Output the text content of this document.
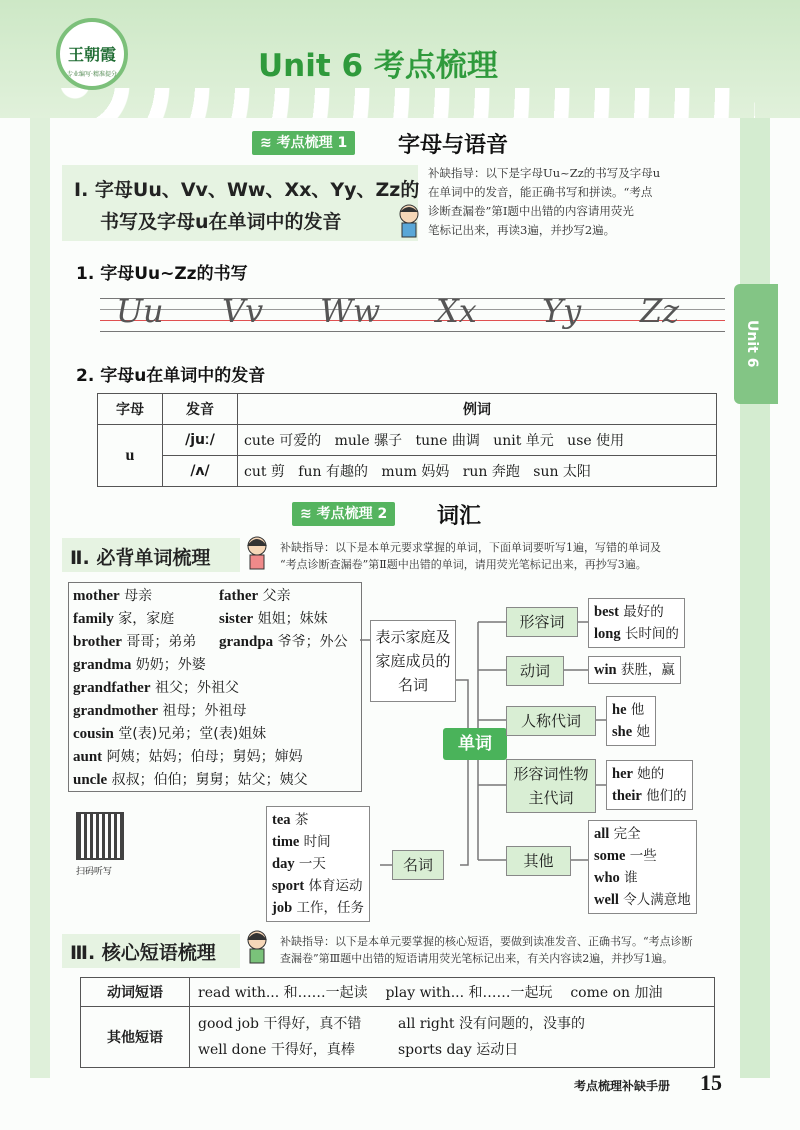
王朝霞
专业编写·精准提分	Unit 6 考点梳理
Unit 6
≋ 考点梳理 1	字母与语音
Ⅰ. 字母Uu、Vv、Ww、Xx、Yy、Zz的
书写及字母u在单词中的发音
补缺指导：以下是字母Uu~Zz的书写及字母u
在单词中的发音，能正确书写和拼读。“考点
诊断查漏卷”第Ⅰ题中出错的内容请用荧光
笔标记出来，再读3遍，并抄写2遍。
1. 字母Uu~Zz的书写
Uu Vv Ww Xx Yy Zz
2. 字母u在单词中的发音
字母	发音	例词
u	/juː/	cute 可爱的 mule 骡子 tune 曲调 unit 单元 use 使用
	/ʌ/	cut 剪 fun 有趣的 mum 妈妈 run 奔跑 sun 太阳
≋ 考点梳理 2	词汇
Ⅱ. 必背单词梳理	补缺指导：以下是本单元要求掌握的单词，下面单词要听写1遍，写错的单词及
“考点诊断查漏卷”第Ⅱ题中出错的单词，请用荧光笔标记出来，再抄写3遍。
mother 母亲	father 父亲
family 家，家庭	sister 姐姐；妹妹
brother 哥哥；弟弟 grandpa 爷爷；外公
grandma 奶奶；外婆
grandfather 祖父；外祖父
grandmother 祖母；外祖母
cousin 堂(表)兄弟；堂(表)姐妹
aunt 阿姨；姑妈；伯母；舅妈；婶妈
uncle 叔叔；伯伯；舅舅；姑父；姨父
表示家庭及家庭成员的名词
单词
形容词
best 最好的
long 长时间的
动词	win 获胜，赢
人称代词
he 他
she 她
形容词性物主代词
her 她的
their 他们的
其他
all 完全
some 一些
who 谁
well 令人满意地
tea 茶
time 时间
day 一天
sport 体育运动
job 工作，任务
名词
扫码听写
Ⅲ. 核心短语梳理
补缺指导：以下是本单元要掌握的核心短语，要做到读准发音、正确书写。“考点诊断
查漏卷”第Ⅲ题中出错的短语请用荧光笔标记出来，有关内容读2遍，并抄写1遍。
动词短语	read with... 和……一起读 play with... 和……一起玩 come on 加油
其他短语	good job 干得好，真不错 all right 没有问题的，没事的
well done 干得好，真棒 sports day 运动日
考点梳理补缺手册 15
